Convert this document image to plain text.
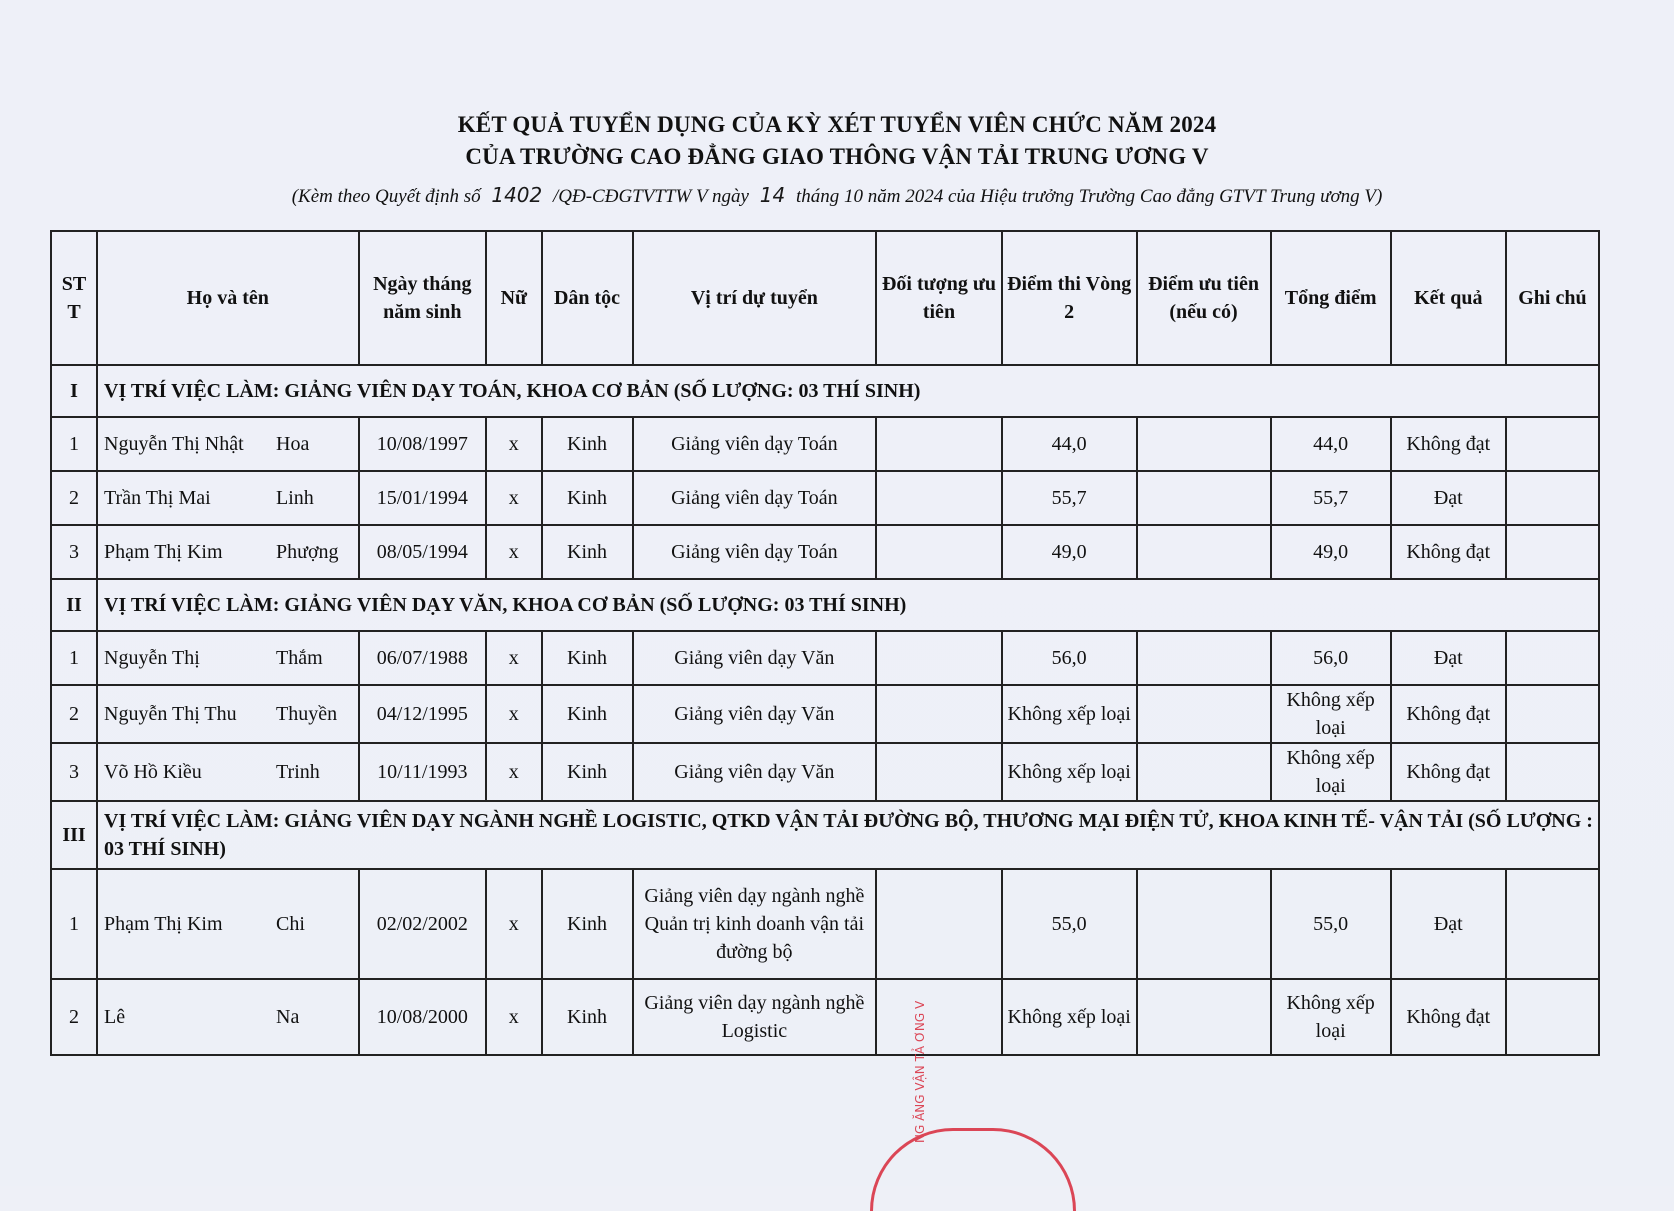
KẾT QUẢ TUYỂN DỤNG CỦA KỲ XÉT TUYỂN VIÊN CHỨC NĂM 2024
CỦA TRƯỜNG CAO ĐẲNG GIAO THÔNG VẬN TẢI TRUNG ƯƠNG V
(Kèm theo Quyết định số 1402 /QĐ-CĐGTVTTW V ngày 14 tháng 10 năm 2024 của Hiệu trưởng Trường Cao đẳng GTVT Trung ương V)
ST T	Họ và tên	Ngày tháng năm sinh	Nữ	Dân tộc	Vị trí dự tuyển	Đối tượng ưu tiên	Điểm thi Vòng 2	Điểm ưu tiên (nếu có)	Tổng điểm	Kết quả	Ghi chú
I	VỊ TRÍ VIỆC LÀM: GIẢNG VIÊN DẠY TOÁN, KHOA CƠ BẢN (SỐ LƯỢNG: 03 THÍ SINH)										
1	Nguyễn Thị Nhật Hoa	10/08/1997	x	Kinh	Giảng viên dạy Toán		44,0		44,0	Không đạt	
2	Trần Thị Mai Linh	15/01/1994	x	Kinh	Giảng viên dạy Toán		55,7		55,7	Đạt	
3	Phạm Thị Kim Phượng	08/05/1994	x	Kinh	Giảng viên dạy Toán		49,0		49,0	Không đạt	
II	VỊ TRÍ VIỆC LÀM: GIẢNG VIÊN DẠY VĂN, KHOA CƠ BẢN (SỐ LƯỢNG: 03 THÍ SINH)										
1	Nguyễn Thị Thắm	06/07/1988	x	Kinh	Giảng viên dạy Văn		56,0		56,0	Đạt	
2	Nguyễn Thị Thu Thuyền	04/12/1995	x	Kinh	Giảng viên dạy Văn		Không xếp loại		Không xếp loại	Không đạt	
3	Võ Hồ Kiều Trinh	10/11/1993	x	Kinh	Giảng viên dạy Văn		Không xếp loại		Không xếp loại	Không đạt	
III	VỊ TRÍ VIỆC LÀM: GIẢNG VIÊN DẠY NGÀNH NGHỀ LOGISTIC, QTKD VẬN TẢI ĐƯỜNG BỘ, THƯƠNG MẠI ĐIỆN TỬ, KHOA KINH TẾ- VẬN TẢI (SỐ LƯỢNG : 03 THÍ SINH)										
1	Phạm Thị Kim Chi	02/02/2002	x	Kinh	Giảng viên dạy ngành nghề Quản trị kinh doanh vận tải đường bộ		55,0		55,0	Đạt	
2	Lê Na	10/08/2000	x	Kinh	Giảng viên dạy ngành nghề Logistic		Không xếp loại		Không xếp loại	Không đạt	
NG ĂNG VẬN TẢ ƠNG V
